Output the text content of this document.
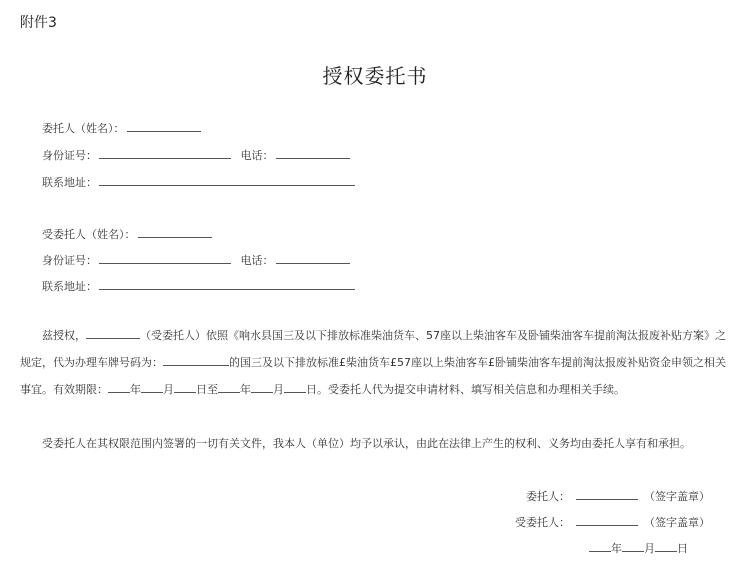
附件3
授权委托书
委托人（姓名）：
身份证号：	电话：
联系地址：
受委托人（姓名）：
身份证号：	电话：
联系地址：
兹授权，	（受委托人）依照《响水县国三及以下排放标准柴油货车、57座以上柴油客车及卧铺柴油客车提前淘汰报废补贴方案》之规定，代为办理车牌号码为：	的国三及以下排放标准£柴油货车£57座以上柴油客车£卧铺柴油客车提前淘汰报废补贴资金申领之相关事宜。有效期限： 年 月 日至 年 月 日。受委托人代为提交申请材料、填写相关信息和办理相关手续。
受委托人在其权限范围内签署的一切有关文件，我本人（单位）均予以承认，由此在法律上产生的权利、义务均由委托人享有和承担。
委托人：	（签字盖章）
受委托人：	（签字盖章）
年 月 日
